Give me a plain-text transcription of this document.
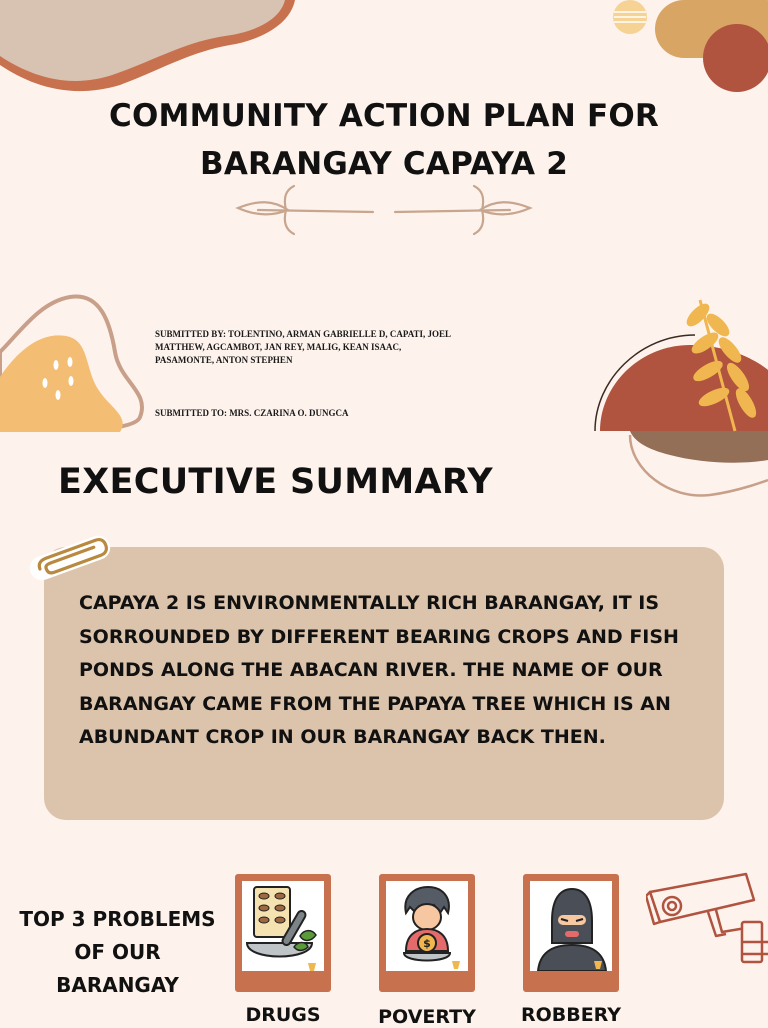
COMMUNITY ACTION PLAN FOR
BARANGAY CAPAYA 2
SUBMITTED BY: TOLENTINO, ARMAN GABRIELLE D, CAPATI, JOEL MATTHEW, AGCAMBOT, JAN REY, MALIG, KEAN ISAAC, PASAMONTE, ANTON STEPHEN
SUBMITTED TO: MRS. CZARINA O. DUNGCA
EXECUTIVE SUMMARY
CAPAYA 2 IS ENVIRONMENTALLY RICH BARANGAY, IT IS SORROUNDED BY DIFFERENT BEARING CROPS AND FISH PONDS ALONG THE ABACAN RIVER. THE NAME OF OUR BARANGAY CAME FROM THE PAPAYA TREE WHICH IS AN ABUNDANT CROP IN OUR BARANGAY BACK THEN.
TOP 3 PROBLEMS OF OUR BARANGAY
DRUGS
$
POVERTY	ROBBERY
